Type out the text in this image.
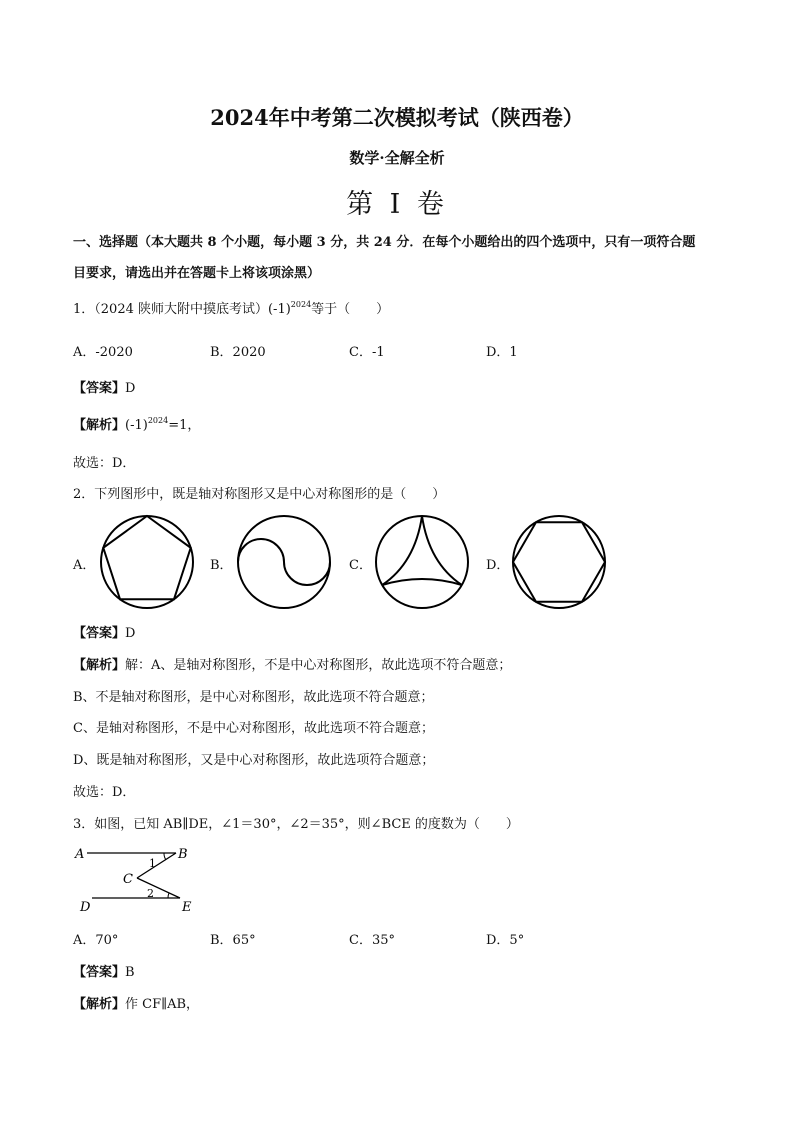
2024年中考第二次模拟考试（陕西卷）
数学·全解全析
第 I 卷
一、选择题（本大题共 8 个小题，每小题 3 分，共 24 分．在每个小题给出的四个选项中，只有一项符合题
目要求，请选出并在答题卡上将该项涂黑）
1．（2024 陕师大附中摸底考试）$(-1)^{2024}$等于（　　）
A．-2020	B．2020	C．-1	D．1
【答案】D
【解析】$(-1)^{2024}=1$，
故选：D．
2．下列图形中，既是轴对称图形又是中心对称图形的是（　　）
A．	B．	C．	D．
【答案】D
【解析】解：A、是轴对称图形，不是中心对称图形，故此选项不符合题意；
B、不是轴对称图形，是中心对称图形，故此选项不符合题意；
C、是轴对称图形，不是中心对称图形，故此选项不符合题意；
D、既是轴对称图形，又是中心对称图形，故此选项符合题意；
故选：D．
3．如图，已知 AB∥DE，∠1＝30°，∠2＝35°，则∠BCE 的度数为（　　）
A	B
C
D	E
1
2
A．70°	B．65°	C．35°	D．5°
【答案】B
【解析】作 CF∥AB，
